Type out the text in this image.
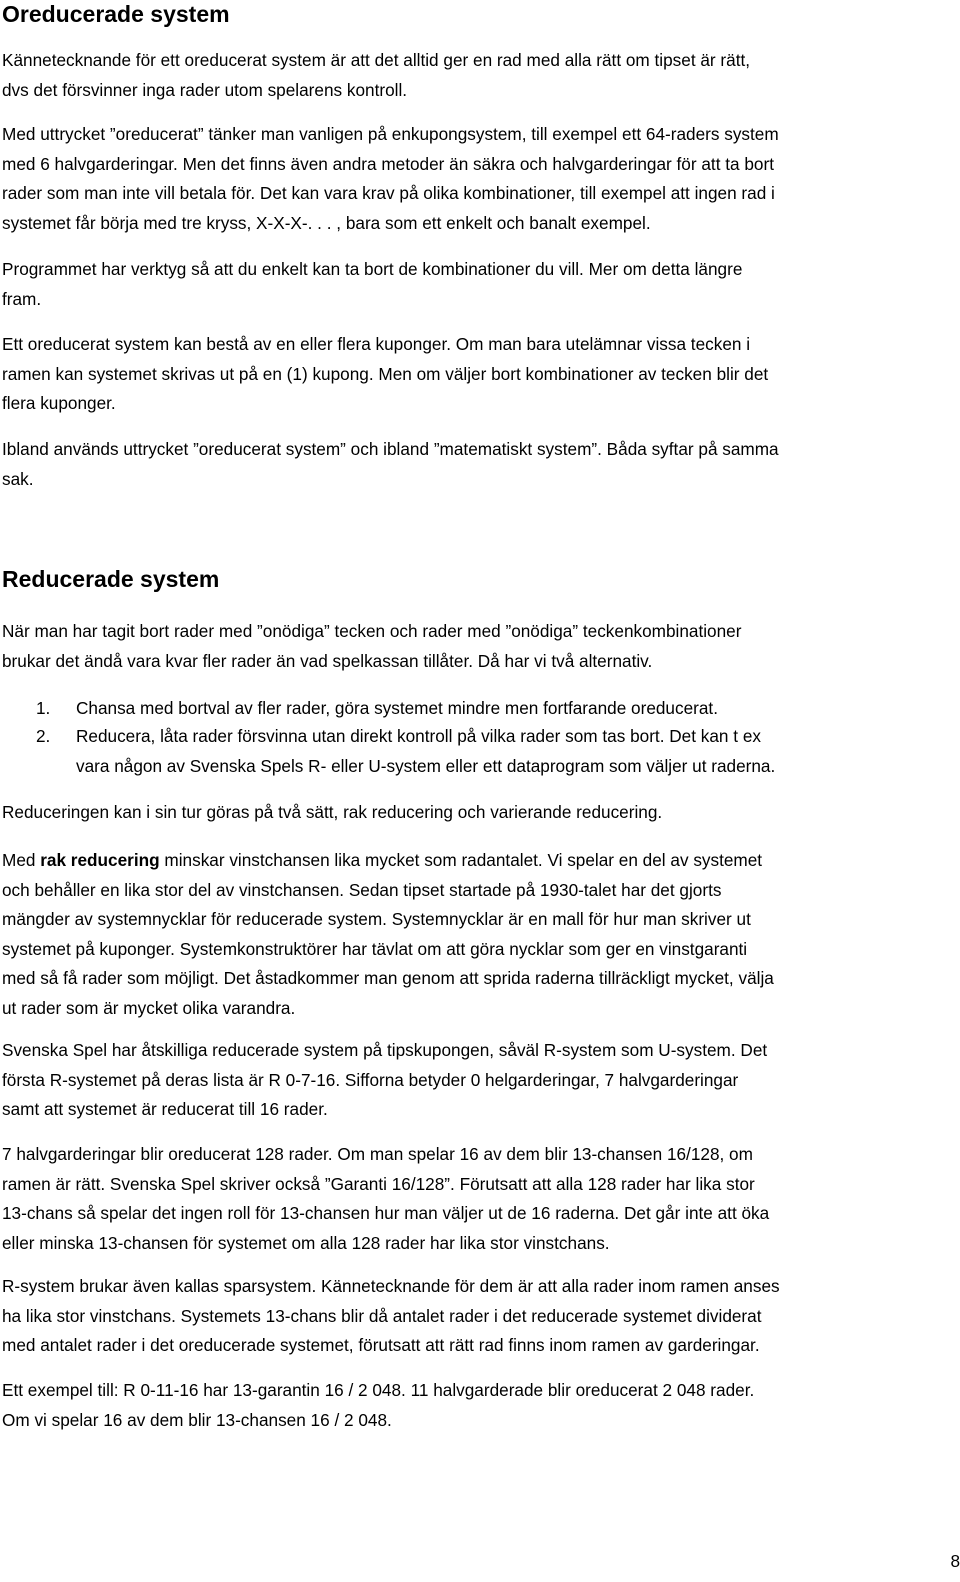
Oreducerade system

Kännetecknande för ett oreducerat system är att det alltid ger en rad med alla rätt om tipset är rätt,
dvs det försvinner inga rader utom spelarens kontroll.

Med uttrycket ”oreducerat” tänker man vanligen på enkupongsystem, till exempel ett 64-raders system
med 6 halvgarderingar. Men det finns även andra metoder än säkra och halvgarderingar för att ta bort
rader som man inte vill betala för. Det kan vara krav på olika kombinationer, till exempel att ingen rad i
systemet får börja med tre kryss, X-X-X-. . . , bara som ett enkelt och banalt exempel.

Programmet har verktyg så att du enkelt kan ta bort de kombinationer du vill. Mer om detta längre
fram.

Ett oreducerat system kan bestå av en eller flera kuponger. Om man bara utelämnar vissa tecken i
ramen kan systemet skrivas ut på en (1) kupong. Men om väljer bort kombinationer av tecken blir det
flera kuponger.

Ibland används uttrycket ”oreducerat system” och ibland ”matematiskt system”. Båda syftar på samma
sak.

Reducerade system

När man har tagit bort rader med ”onödiga” tecken och rader med ”onödiga” teckenkombinationer
brukar det ändå vara kvar fler rader än vad spelkassan tillåter. Då har vi två alternativ.

1. Chansa med bortval av fler rader, göra systemet mindre men fortfarande oreducerat.
2. Reducera, låta rader försvinna utan direkt kontroll på vilka rader som tas bort. Det kan t ex
vara någon av Svenska Spels R- eller U-system eller ett dataprogram som väljer ut raderna.

Reduceringen kan i sin tur göras på två sätt, rak reducering och varierande reducering.

Med rak reducering minskar vinstchansen lika mycket som radantalet. Vi spelar en del av systemet
och behåller en lika stor del av vinstchansen. Sedan tipset startade på 1930-talet har det gjorts
mängder av systemnycklar för reducerade system. Systemnycklar är en mall för hur man skriver ut
systemet på kuponger. Systemkonstruktörer har tävlat om att göra nycklar som ger en vinstgaranti
med så få rader som möjligt. Det åstadkommer man genom att sprida raderna tillräckligt mycket, välja
ut rader som är mycket olika varandra.

Svenska Spel har åtskilliga reducerade system på tipskupongen, såväl R-system som U-system. Det
första R-systemet på deras lista är R 0-7-16. Sifforna betyder 0 helgarderingar, 7 halvgarderingar
samt att systemet är reducerat till 16 rader.

7 halvgarderingar blir oreducerat 128 rader. Om man spelar 16 av dem blir 13-chansen 16/128, om
ramen är rätt. Svenska Spel skriver också ”Garanti 16/128”. Förutsatt att alla 128 rader har lika stor
13-chans så spelar det ingen roll för 13-chansen hur man väljer ut de 16 raderna. Det går inte att öka
eller minska 13-chansen för systemet om alla 128 rader har lika stor vinstchans.

R-system brukar även kallas sparsystem. Kännetecknande för dem är att alla rader inom ramen anses
ha lika stor vinstchans. Systemets 13-chans blir då antalet rader i det reducerade systemet dividerat
med antalet rader i det oreducerade systemet, förutsatt att rätt rad finns inom ramen av garderingar.

Ett exempel till: R 0-11-16 har 13-garantin 16 / 2 048. 11 halvgarderade blir oreducerat 2 048 rader.
Om vi spelar 16 av dem blir 13-chansen 16 / 2 048.

8
